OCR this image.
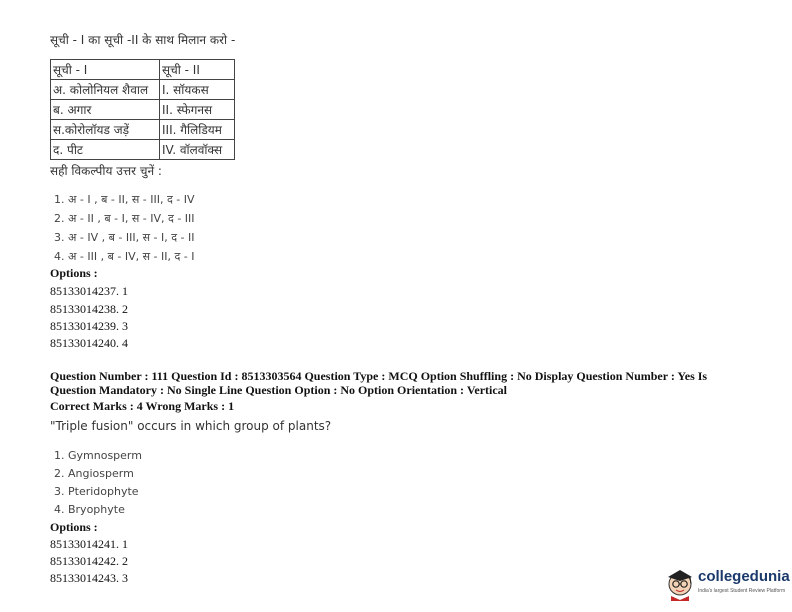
सूची - I का सूची -II के साथ मिलान करो -
सूची - I	सूची - II
अ. कोलोनियल शैवाल	I. सॉयकस
ब. अगार	II. स्फेगनस
स.कोरोलॉयड जड़ें	III. गैलिडियम
द. पीट	IV. वॉलवॉक्स
सही विकल्पीय उत्तर चुनें :
1. अ - I , ब - II, स - III, द - IV
2. अ - II , ब - I, स - IV, द - III
3. अ - IV , ब - III, स - I, द - II
4. अ - III , ब - IV, स - II, द - I
Options :
85133014237. 1
85133014238. 2
85133014239. 3
85133014240. 4
Question Number : 111 Question Id : 8513303564 Question Type : MCQ Option Shuffling : No Display Question Number : Yes Is
Question Mandatory : No Single Line Question Option : No Option Orientation : Vertical
Correct Marks : 4 Wrong Marks : 1
"Triple fusion" occurs in which group of plants?
1. Gymnosperm
2. Angiosperm
3. Pteridophyte
4. Bryophyte
Options :
85133014241. 1
85133014242. 2
85133014243. 3	collegedunia
India's largest Student Review Platform
